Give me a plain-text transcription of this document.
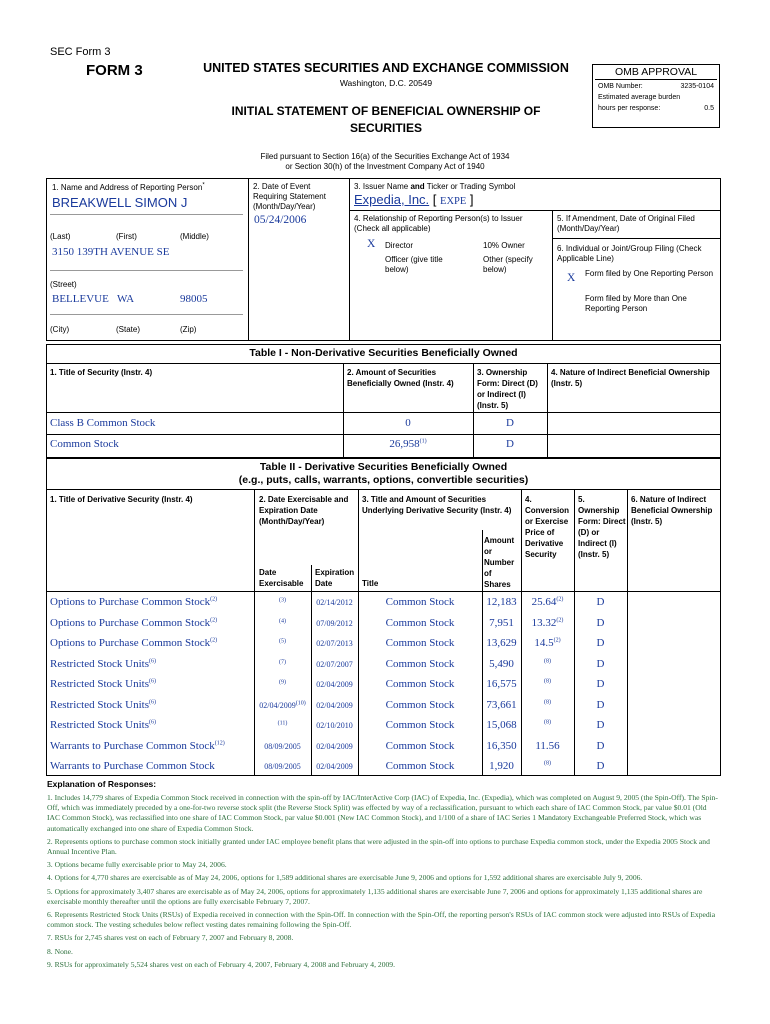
SEC Form 3
FORM 3	UNITED STATES SECURITIES AND EXCHANGE COMMISSION
Washington, D.C. 20549
INITIAL STATEMENT OF BENEFICIAL OWNERSHIP OF SECURITIES
OMB APPROVAL
OMB Number:	3235-0104
Estimated average burden
hours per response:	0.5
Filed pursuant to Section 16(a) of the Securities Exchange Act of 1934
or Section 30(h) of the Investment Company Act of 1940
1. Name and Address of Reporting Person*
BREAKWELL SIMON J
(Last)	(First)	(Middle)
3150 139TH AVENUE SE
(Street)
BELLEVUE WA	98005
(City)	(State)	(Zip)
2. Date of Event
Requiring Statement
(Month/Day/Year)
05/24/2006
3. Issuer Name and Ticker or Trading Symbol
Expedia, Inc. [ EXPE ]
4. Relationship of Reporting Person(s) to Issuer
(Check all applicable)
X Director	10% Owner
Officer (give title below)
Other (specify below)
5. If Amendment, Date of Original Filed
(Month/Day/Year)
6. Individual or Joint/Group Filing (Check
Applicable Line)
X Form filed by One Reporting Person
Form filed by More than One Reporting Person
Table I - Non-Derivative Securities Beneficially Owned
1. Title of Security (Instr. 4)	2. Amount of Securities Beneficially Owned (Instr. 4)
3. Ownership Form: Direct (D) or Indirect (I) (Instr. 5)
4. Nature of Indirect Beneficial Ownership (Instr. 5)
Class B Common Stock	0	D
Common Stock	26,958$^{(1)}$	D
Table II - Derivative Securities Beneficially Owned
(e.g., puts, calls, warrants, options, convertible securities)
1. Title of Derivative Security (Instr. 4)	2. Date Exercisable and Expiration Date (Month/Day/Year)
Date Exercisable
Expiration Date
3. Title and Amount of Securities Underlying Derivative Security (Instr. 4)
Title
Amount or Number of Shares
4. Conversion or Exercise Price of Derivative Security
5. Ownership Form: Direct (D) or Indirect (I) (Instr. 5)
6. Nature of Indirect Beneficial Ownership (Instr. 5)
Options to Purchase Common Stock$^{(2)}$	$^{(3)}$	02/14/2012	Common Stock	12,183	25.64$^{(2)}$	D
Options to Purchase Common Stock$^{(2)}$	$^{(4)}$	07/09/2012	Common Stock	7,951	13.32$^{(2)}$	D
Options to Purchase Common Stock$^{(2)}$	$^{(5)}$	02/07/2013	Common Stock	13,629	14.5$^{(2)}$	D
Restricted Stock Units$^{(6)}$	$^{(7)}$	02/07/2007	Common Stock	5,490	$^{(8)}$	D
Restricted Stock Units$^{(6)}$	$^{(9)}$	02/04/2009	Common Stock	16,575	$^{(8)}$	D
Restricted Stock Units$^{(6)}$	02/04/2009$^{(10)}$	02/04/2009	Common Stock	73,661	$^{(8)}$	D
Restricted Stock Units$^{(6)}$	$^{(11)}$	02/10/2010	Common Stock	15,068	$^{(8)}$	D
Warrants to Purchase Common Stock$^{(12)}$	08/09/2005	02/04/2009	Common Stock	16,350	11.56	D
Warrants to Purchase Common Stock	08/09/2005	02/04/2009	Common Stock	1,920	$^{(8)}$	D
Explanation of Responses:

1. Includes 14,779 shares of Expedia Common Stock received in connection with the spin-off by IAC/InterActive Corp (IAC) of Expedia, Inc. (Expedia), which was completed on August 9, 2005 (the Spin-Off). The Spin-Off, which was immediately preceded by a one-for-two reverse stock split (the Reverse Stock Split) was effected by way of a reclassification, pursuant to which each share of IAC Common Stock, par value $0.01 (Old IAC Common Stock), was reclassified into one share of IAC Common Stock, par value $0.001 (New IAC Common Stock), and 1/100 of a share of IAC Series 1 Mandatory Exchangeable Preferred Stock, which was automatically exchanged into one share of Expedia Common Stock.

2. Represents options to purchase common stock initially granted under IAC employee benefit plans that were adjusted in the spin-off into options to purchase Expedia common stock, under the Expedia 2005 Stock and Annual Incentive Plan.

3. Options became fully exercisable prior to May 24, 2006.

4. Options for 4,770 shares are exercisable as of May 24, 2006, options for 1,589 additional shares are exercisable June 9, 2006 and options for 1,592 additional shares are exercisable July 9, 2006.

5. Options for approximately 3,407 shares are exercisable as of May 24, 2006, options for approximately 1,135 additional shares are exercisable June 7, 2006 and options for approximately 1,135 additional shares are exercisable monthly thereafter until the options are fully exercisable February 7, 2007.

6. Represents Restricted Stock Units (RSUs) of Expedia received in connection with the Spin-Off. In connection with the Spin-Off, the reporting person's RSUs of IAC common stock were adjusted into RSUs of Expedia common stock. The vesting schedules below reflect vesting dates remaining following the Spin-Off.

7. RSUs for 2,745 shares vest on each of February 7, 2007 and February 8, 2008.

8. None.

9. RSUs for approximately 5,524 shares vest on each of February 4, 2007, February 4, 2008 and February 4, 2009.
